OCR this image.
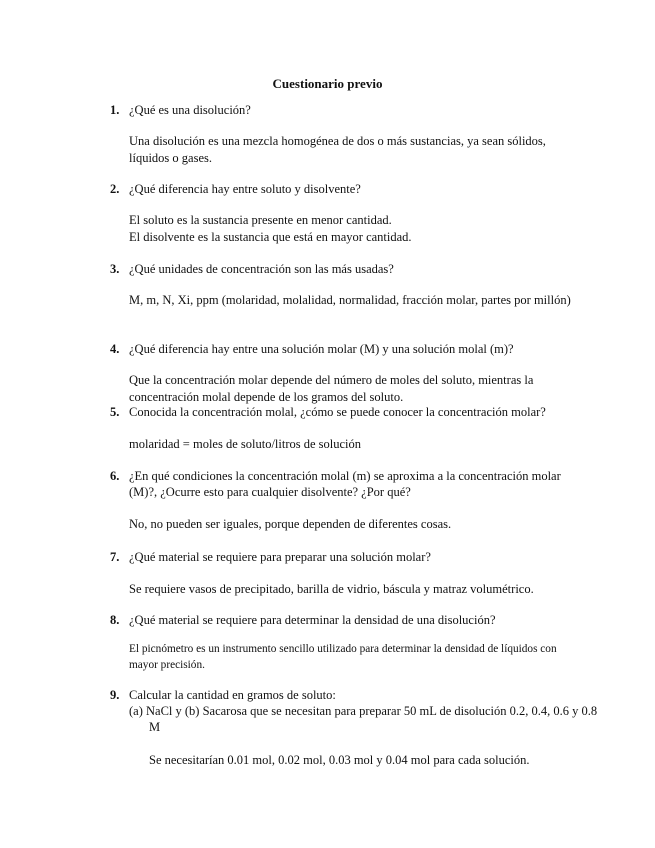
Cuestionario previo
1. ¿Qué es una disolución?
Una disolución es una mezcla homogénea de dos o más sustancias, ya sean sólidos, líquidos o gases.
2. ¿Qué diferencia hay entre soluto y disolvente?
El soluto es la sustancia presente en menor cantidad.
El disolvente es la sustancia que está en mayor cantidad.
3. ¿Qué unidades de concentración son las más usadas?
M, m, N, Xi, ppm (molaridad, molalidad, normalidad, fracción molar, partes por millón)
4. ¿Qué diferencia hay entre una solución molar (M) y una solución molal (m)?
Que la concentración molar depende del número de moles del soluto, mientras la concentración molal depende de los gramos del soluto.
5. Conocida la concentración molal, ¿cómo se puede conocer la concentración molar?
molaridad = moles de soluto/litros de solución
6. ¿En qué condiciones la concentración molal (m) se aproxima a la concentración molar (M)?, ¿Ocurre esto para cualquier disolvente? ¿Por qué?
No, no pueden ser iguales, porque dependen de diferentes cosas.
7. ¿Qué material se requiere para preparar una solución molar?
Se requiere vasos de precipitado, barilla de vidrio, báscula y matraz volumétrico.
8. ¿Qué material se requiere para determinar la densidad de una disolución?
El picnómetro es un instrumento sencillo utilizado para determinar la densidad de líquidos con mayor precisión.
9. Calcular la cantidad en gramos de soluto:
(a) NaCl y (b) Sacarosa que se necesitan para preparar 50 mL de disolución 0.2, 0.4, 0.6 y 0.8 M
Se necesitarían 0.01 mol, 0.02 mol, 0.03 mol y 0.04 mol para cada solución.
